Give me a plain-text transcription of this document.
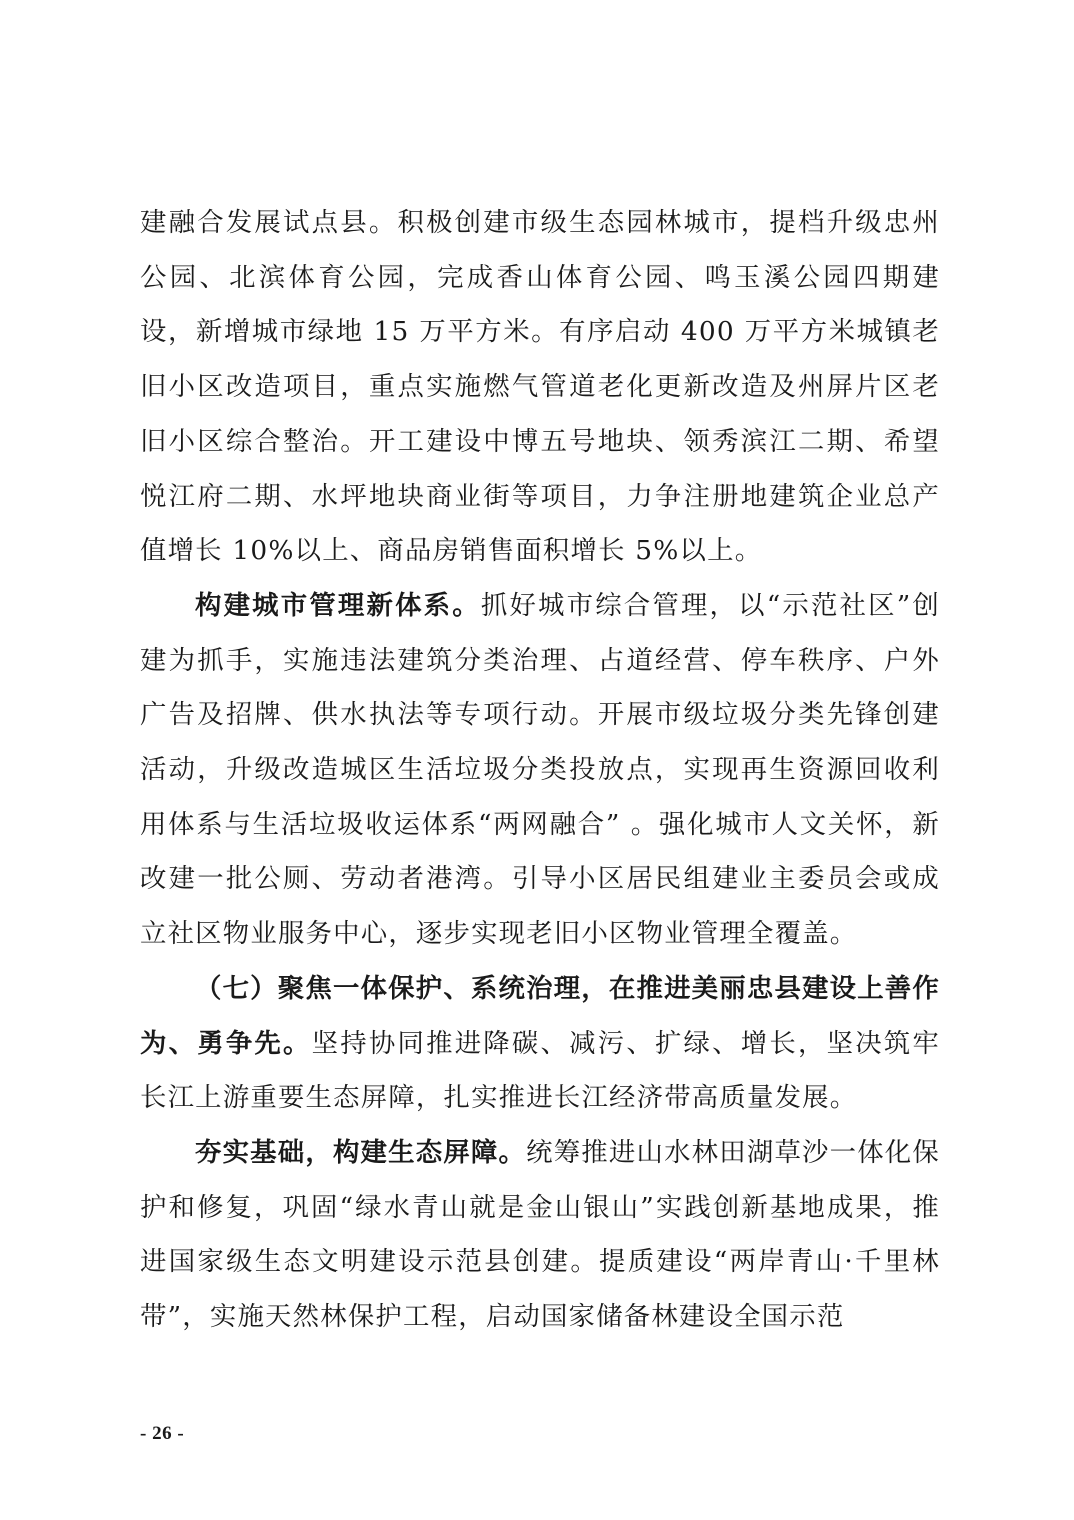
建融合发展试点县。积极创建市级生态园林城市，提档升级忠州公园、北滨体育公园，完成香山体育公园、鸣玉溪公园四期建设，新增城市绿地 15 万平方米。有序启动 400 万平方米城镇老旧小区改造项目，重点实施燃气管道老化更新改造及州屏片区老旧小区综合整治。开工建设中博五号地块、领秀滨江二期、希望悦江府二期、水坪地块商业街等项目，力争注册地建筑企业总产值增长 10%以上、商品房销售面积增长 5%以上。

构建城市管理新体系。抓好城市综合管理，以“示范社区”创建为抓手，实施违法建筑分类治理、占道经营、停车秩序、户外广告及招牌、供水执法等专项行动。开展市级垃圾分类先锋创建活动，升级改造城区生活垃圾分类投放点，实现再生资源回收利用体系与生活垃圾收运体系“两网融合” 。强化城市人文关怀，新改建一批公厕、劳动者港湾。引导小区居民组建业主委员会或成立社区物业服务中心，逐步实现老旧小区物业管理全覆盖。

（七）聚焦一体保护、系统治理，在推进美丽忠县建设上善作为、勇争先。坚持协同推进降碳、减污、扩绿、增长，坚决筑牢长江上游重要生态屏障，扎实推进长江经济带高质量发展。

夯实基础，构建生态屏障。统筹推进山水林田湖草沙一体化保护和修复，巩固“绿水青山就是金山银山”实践创新基地成果，推进国家级生态文明建设示范县创建。提质建设“两岸青山·千里林带”，实施天然林保护工程，启动国家储备林建设全国示范

- 26 -
